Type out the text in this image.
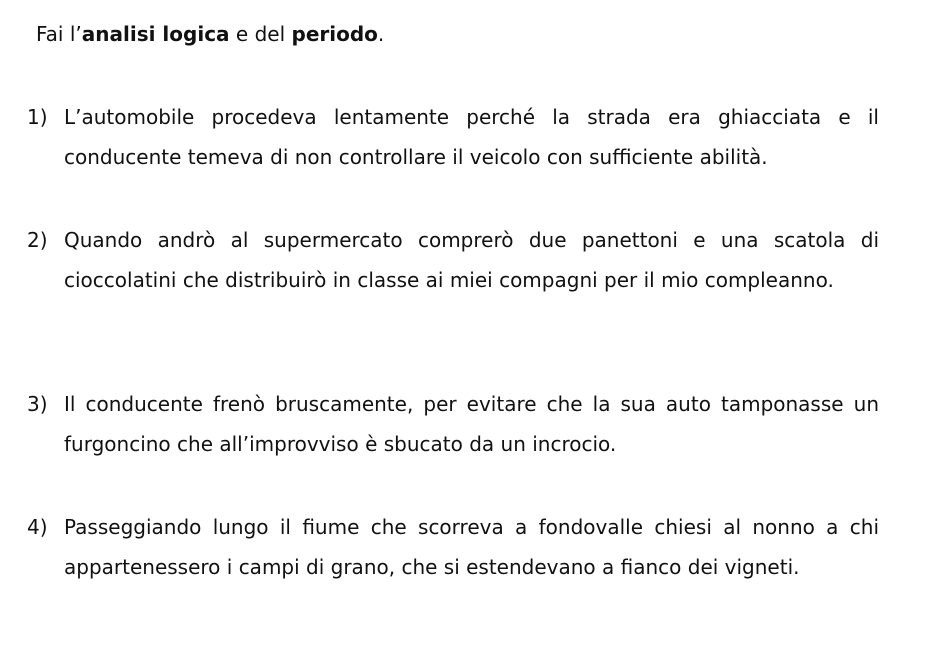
Fai l’analisi logica e del periodo.
1) L’automobile procedeva lentamente perché la strada era ghiacciata e il conducente temeva di non controllare il veicolo con sufficiente abilità.
2) Quando andrò al supermercato comprerò due panettoni e una scatola di cioccolatini che distribuirò in classe ai miei compagni per il mio compleanno.
3) Il conducente frenò bruscamente, per evitare che la sua auto tamponasse un furgoncino che all’improvviso è sbucato da un incrocio.
4) Passeggiando lungo il fiume che scorreva a fondovalle chiesi al nonno a chi appartenessero i campi di grano, che si estendevano a fianco dei vigneti.
